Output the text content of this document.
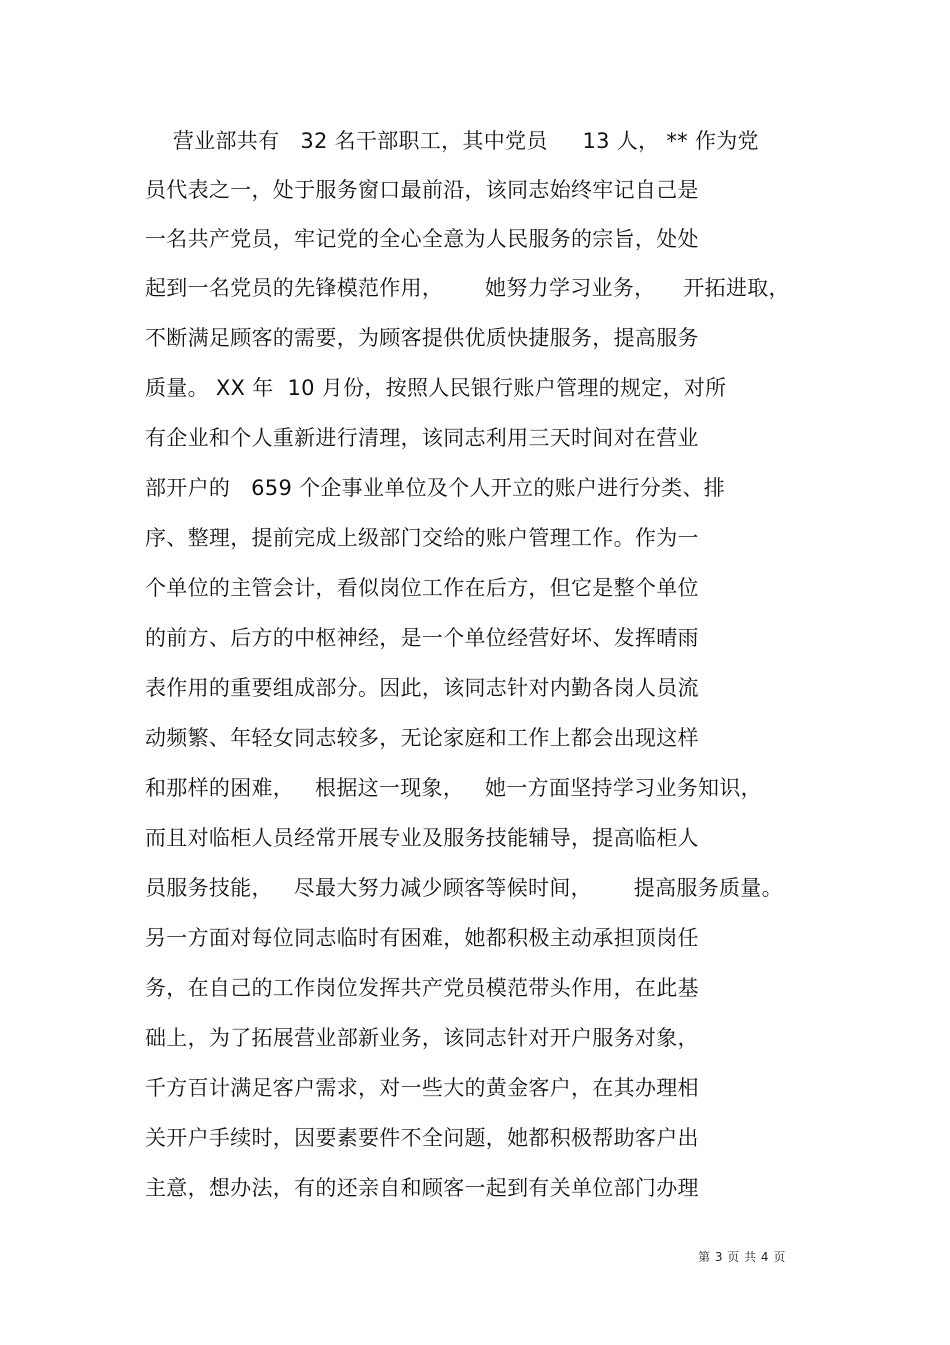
营业部共有   32 名干部职工，其中党员     13 人， ** 作为党
员代表之一，处于服务窗口最前沿，该同志始终牢记自己是
一名共产党员，牢记党的全心全意为人民服务的宗旨，处处
起到一名党员的先锋模范作用，      她努力学习业务，    开拓进取，
不断满足顾客的需要，为顾客提供优质快捷服务，提高服务
质量。 XX 年  10 月份，按照人民银行账户管理的规定，对所
有企业和个人重新进行清理，该同志利用三天时间对在营业
部开户的   659 个企事业单位及个人开立的账户进行分类、排
序、整理，提前完成上级部门交给的账户管理工作。作为一
个单位的主管会计，看似岗位工作在后方，但它是整个单位
的前方、后方的中枢神经，是一个单位经营好坏、发挥晴雨
表作用的重要组成部分。因此，该同志针对内勤各岗人员流
动频繁、年轻女同志较多，无论家庭和工作上都会出现这样
和那样的困难，   根据这一现象，   她一方面坚持学习业务知识，
而且对临柜人员经常开展专业及服务技能辅导，提高临柜人
员服务技能，   尽最大努力减少顾客等候时间，      提高服务质量。
另一方面对每位同志临时有困难，她都积极主动承担顶岗任
务，在自己的工作岗位发挥共产党员模范带头作用，在此基
础上，为了拓展营业部新业务，该同志针对开户服务对象，
千方百计满足客户需求，对一些大的黄金客户，在其办理相
关开户手续时，因要素要件不全问题，她都积极帮助客户出
主意，想办法，有的还亲自和顾客一起到有关单位部门办理
第 3 页 共 4 页
